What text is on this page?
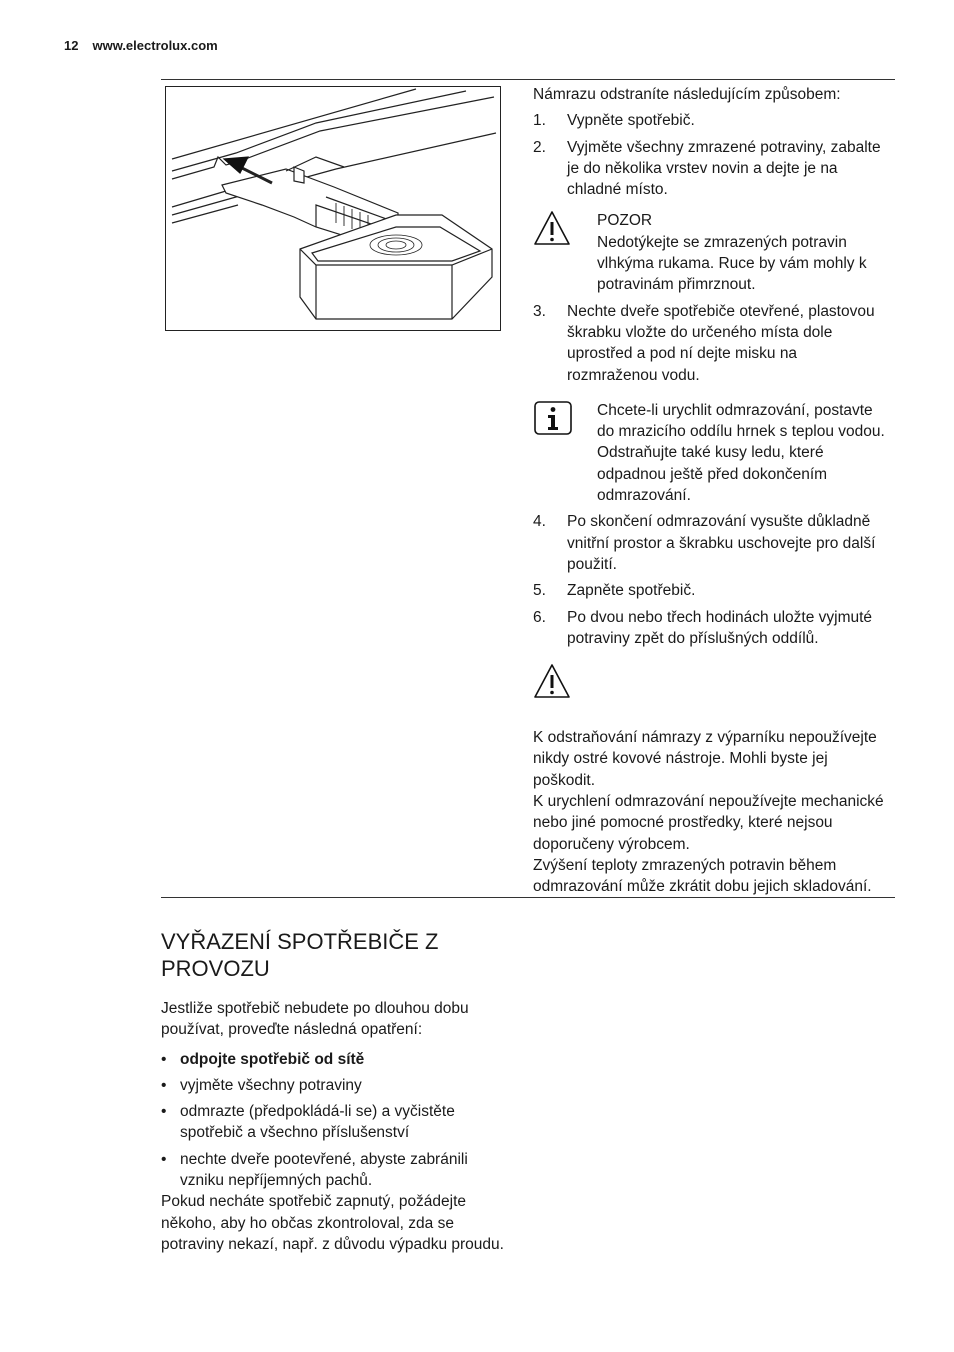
12 www.electrolux.com

Námrazu odstraníte následujícím způsobem:

1.	Vypněte spotřebič.
2.	Vyjměte všechny zmrazené potraviny, zabalte je do několika vrstev novin a dejte je na chladné místo.
POZOR
Nedotýkejte se zmrazených potravin vlhkýma rukama. Ruce by vám mohly k potravinám přimrznout.
3.	Nechte dveře spotřebiče otevřené, plastovou škrabku vložte do určeného místa dole uprostřed a pod ní dejte misku na rozmraženou vodu.
Chcete-li urychlit odmrazování, postavte do mrazicího oddílu hrnek s teplou vodou. Odstraňujte také kusy ledu, které odpadnou ještě před dokončením odmrazování.
4.	Po skončení odmrazování vysušte důkladně vnitřní prostor a škrabku uschovejte pro další použití.
5.	Zapněte spotřebič.
6.	Po dvou nebo třech hodinách uložte vyjmuté potraviny zpět do příslušných oddílů.

K odstraňování námrazy z výparníku nepoužívejte nikdy ostré kovové nástroje. Mohli byste jej poškodit.

K urychlení odmrazování nepoužívejte mechanické nebo jiné pomocné prostředky, které nejsou doporučeny výrobcem.

Zvýšení teploty zmrazených potravin během odmrazování může zkrátit dobu jejich skladování.

VYŘAZENÍ SPOTŘEBIČE Z PROVOZU

Jestliže spotřebič nebudete po dlouhou dobu používat, proveďte následná opatření:

• odpojte spotřebič od sítě
• vyjměte všechny potraviny
• odmrazte (předpokládá-li se) a vyčistěte spotřebič a všechno příslušenství
• nechte dveře pootevřené, abyste zabránili vzniku nepříjemných pachů.

Pokud necháte spotřebič zapnutý, požádejte někoho, aby ho občas zkontroloval, zda se potraviny nekazí, např. z důvodu výpadku proudu.
